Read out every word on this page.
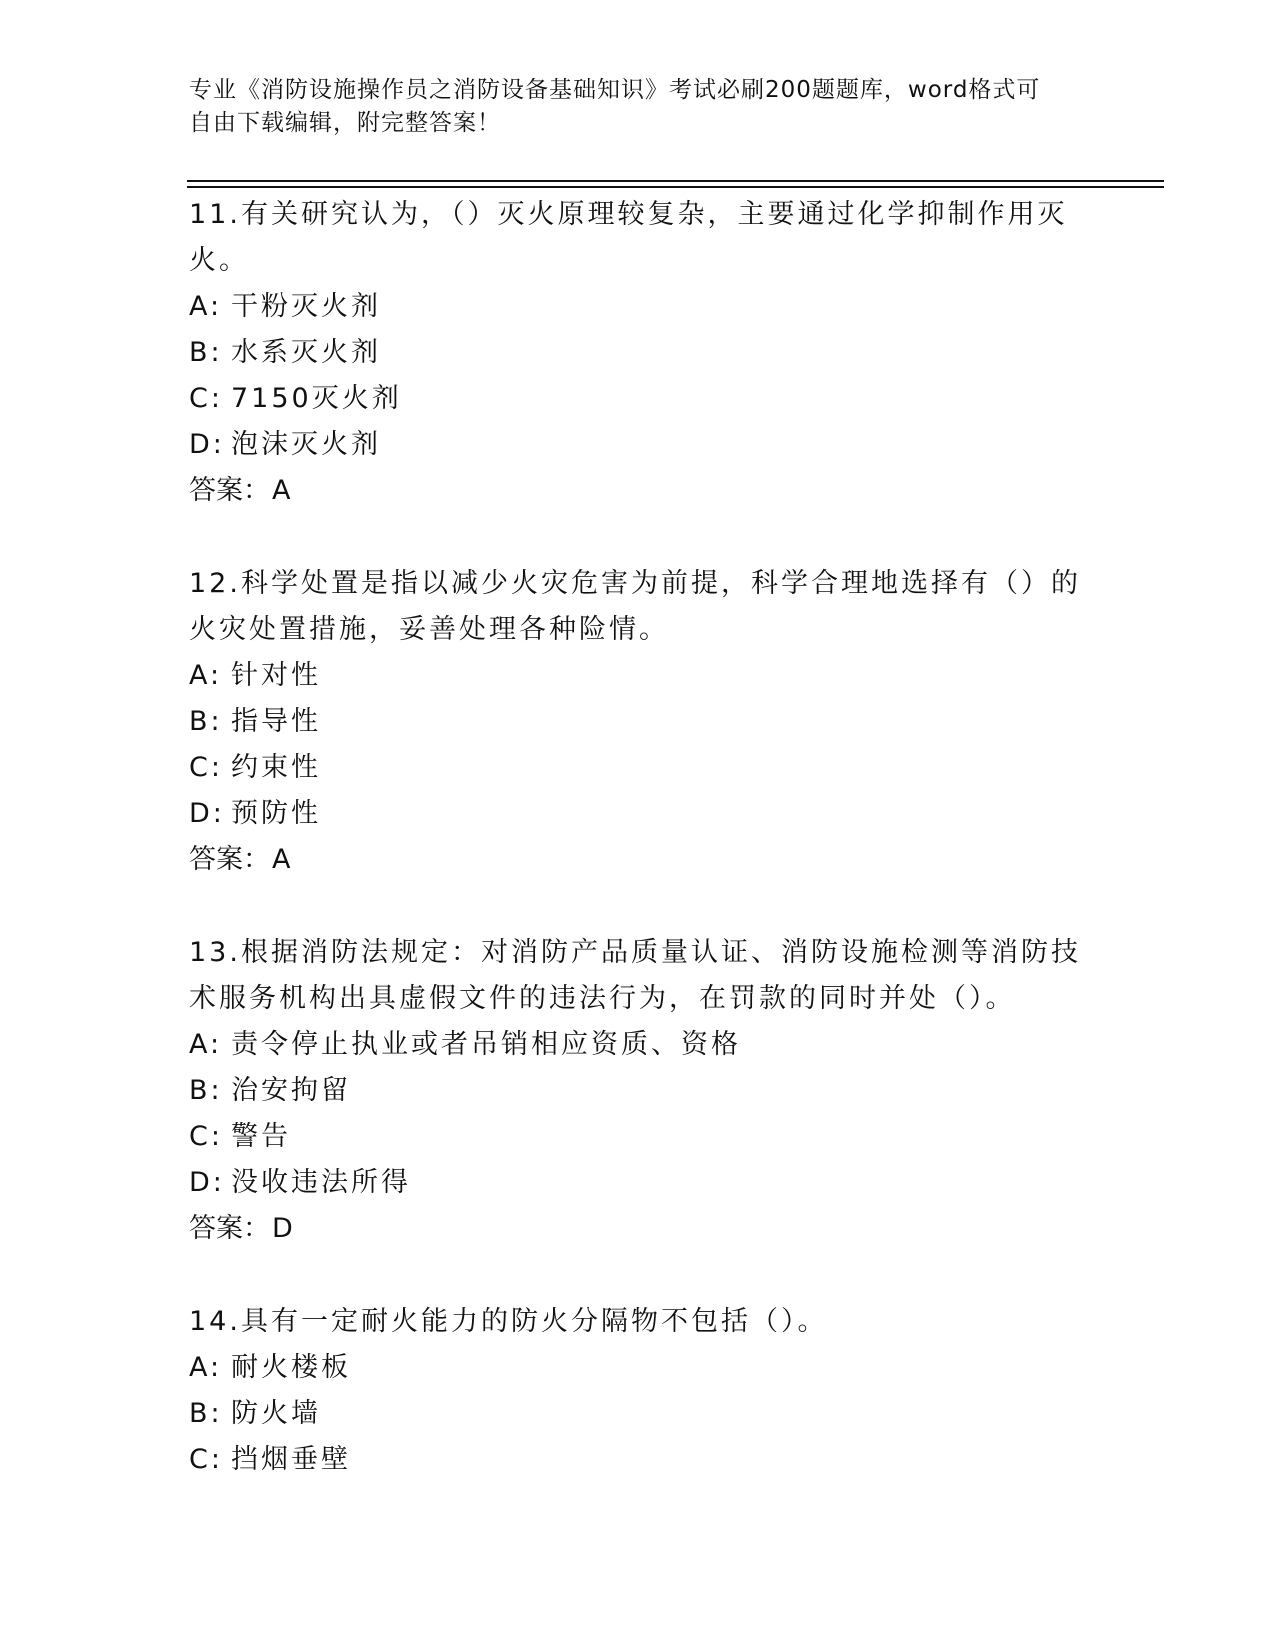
专业《消防设施操作员之消防设备基础知识》考试必刷200题题库，word格式可
自由下载编辑，附完整答案！

11.有关研究认为，（）灭火原理较复杂，主要通过化学抑制作用灭火。

A: 干粉灭火剂
B: 水系灭火剂
C: 7150灭火剂
D: 泡沫灭火剂
答案：A

12.科学处置是指以减少火灾危害为前提，科学合理地选择有（）的火灾处置措施，妥善处理各种险情。

A: 针对性
B: 指导性
C: 约束性
D: 预防性
答案：A

13.根据消防法规定：对消防产品质量认证、消防设施检测等消防技术服务机构出具虚假文件的违法行为，在罚款的同时并处（）。

A: 责令停止执业或者吊销相应资质、资格
B: 治安拘留
C: 警告
D: 没收违法所得
答案：D

14.具有一定耐火能力的防火分隔物不包括（）。

A: 耐火楼板
B: 防火墙
C: 挡烟垂壁
